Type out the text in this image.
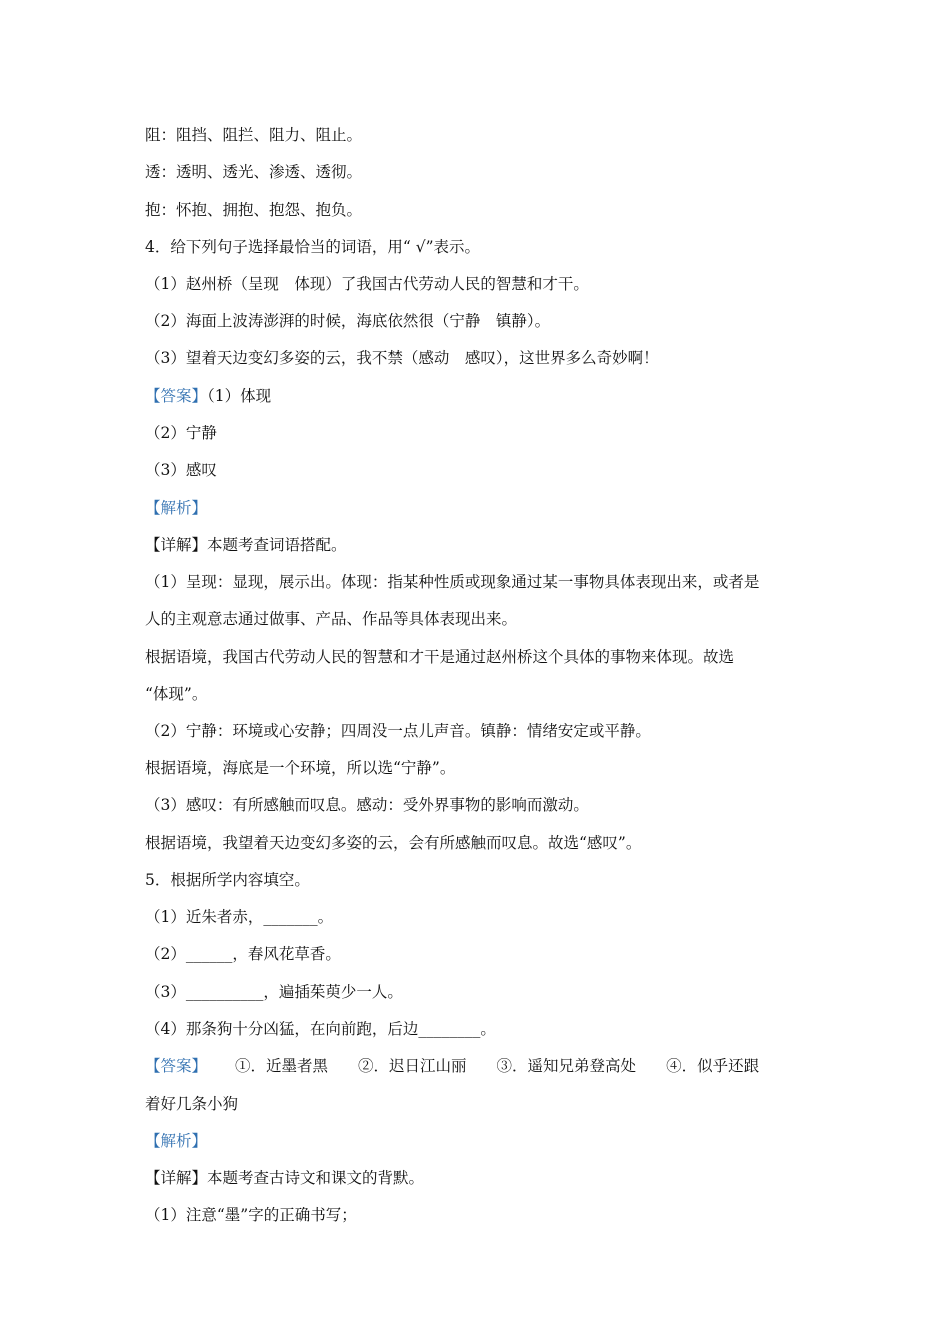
阻：阻挡、阻拦、阻力、阻止。
透：透明、透光、渗透、透彻。
抱：怀抱、拥抱、抱怨、抱负。
4．给下列句子选择最恰当的词语，用“ √”表示。
（1）赵州桥（呈现　体现）了我国古代劳动人民的智慧和才干。
（2）海面上波涛澎湃的时候，海底依然很（宁静　镇静）。
（3）望着天边变幻多姿的云，我不禁（感动　感叹），这世界多么奇妙啊！
【答案】（1）体现
（2）宁静
（3）感叹
【解析】
【详解】本题考查词语搭配。
（1）呈现：显现，展示出。体现：指某种性质或现象通过某一事物具体表现出来，或者是
人的主观意志通过做事、产品、作品等具体表现出来。
根据语境，我国古代劳动人民的智慧和才干是通过赵州桥这个具体的事物来体现。故选
“体现”。
（2）宁静：环境或心安静；四周没一点儿声音。镇静：情绪安定或平静。
根据语境，海底是一个环境，所以选“宁静”。
（3）感叹：有所感触而叹息。感动：受外界事物的影响而激动。
根据语境，我望着天边变幻多姿的云，会有所感触而叹息。故选“感叹”。
5．根据所学内容填空。
（1）近朱者赤，_______。
（2）______，春风花草香。
（3）__________，遍插茱萸少一人。
（4）那条狗十分凶猛，在向前跑，后边________。
【答案】 ①．近墨者黑 ②．迟日江山丽 ③．遥知兄弟登高处 ④．似乎还跟
着好几条小狗
【解析】
【详解】本题考查古诗文和课文的背默。
（1）注意“墨”字的正确书写；
